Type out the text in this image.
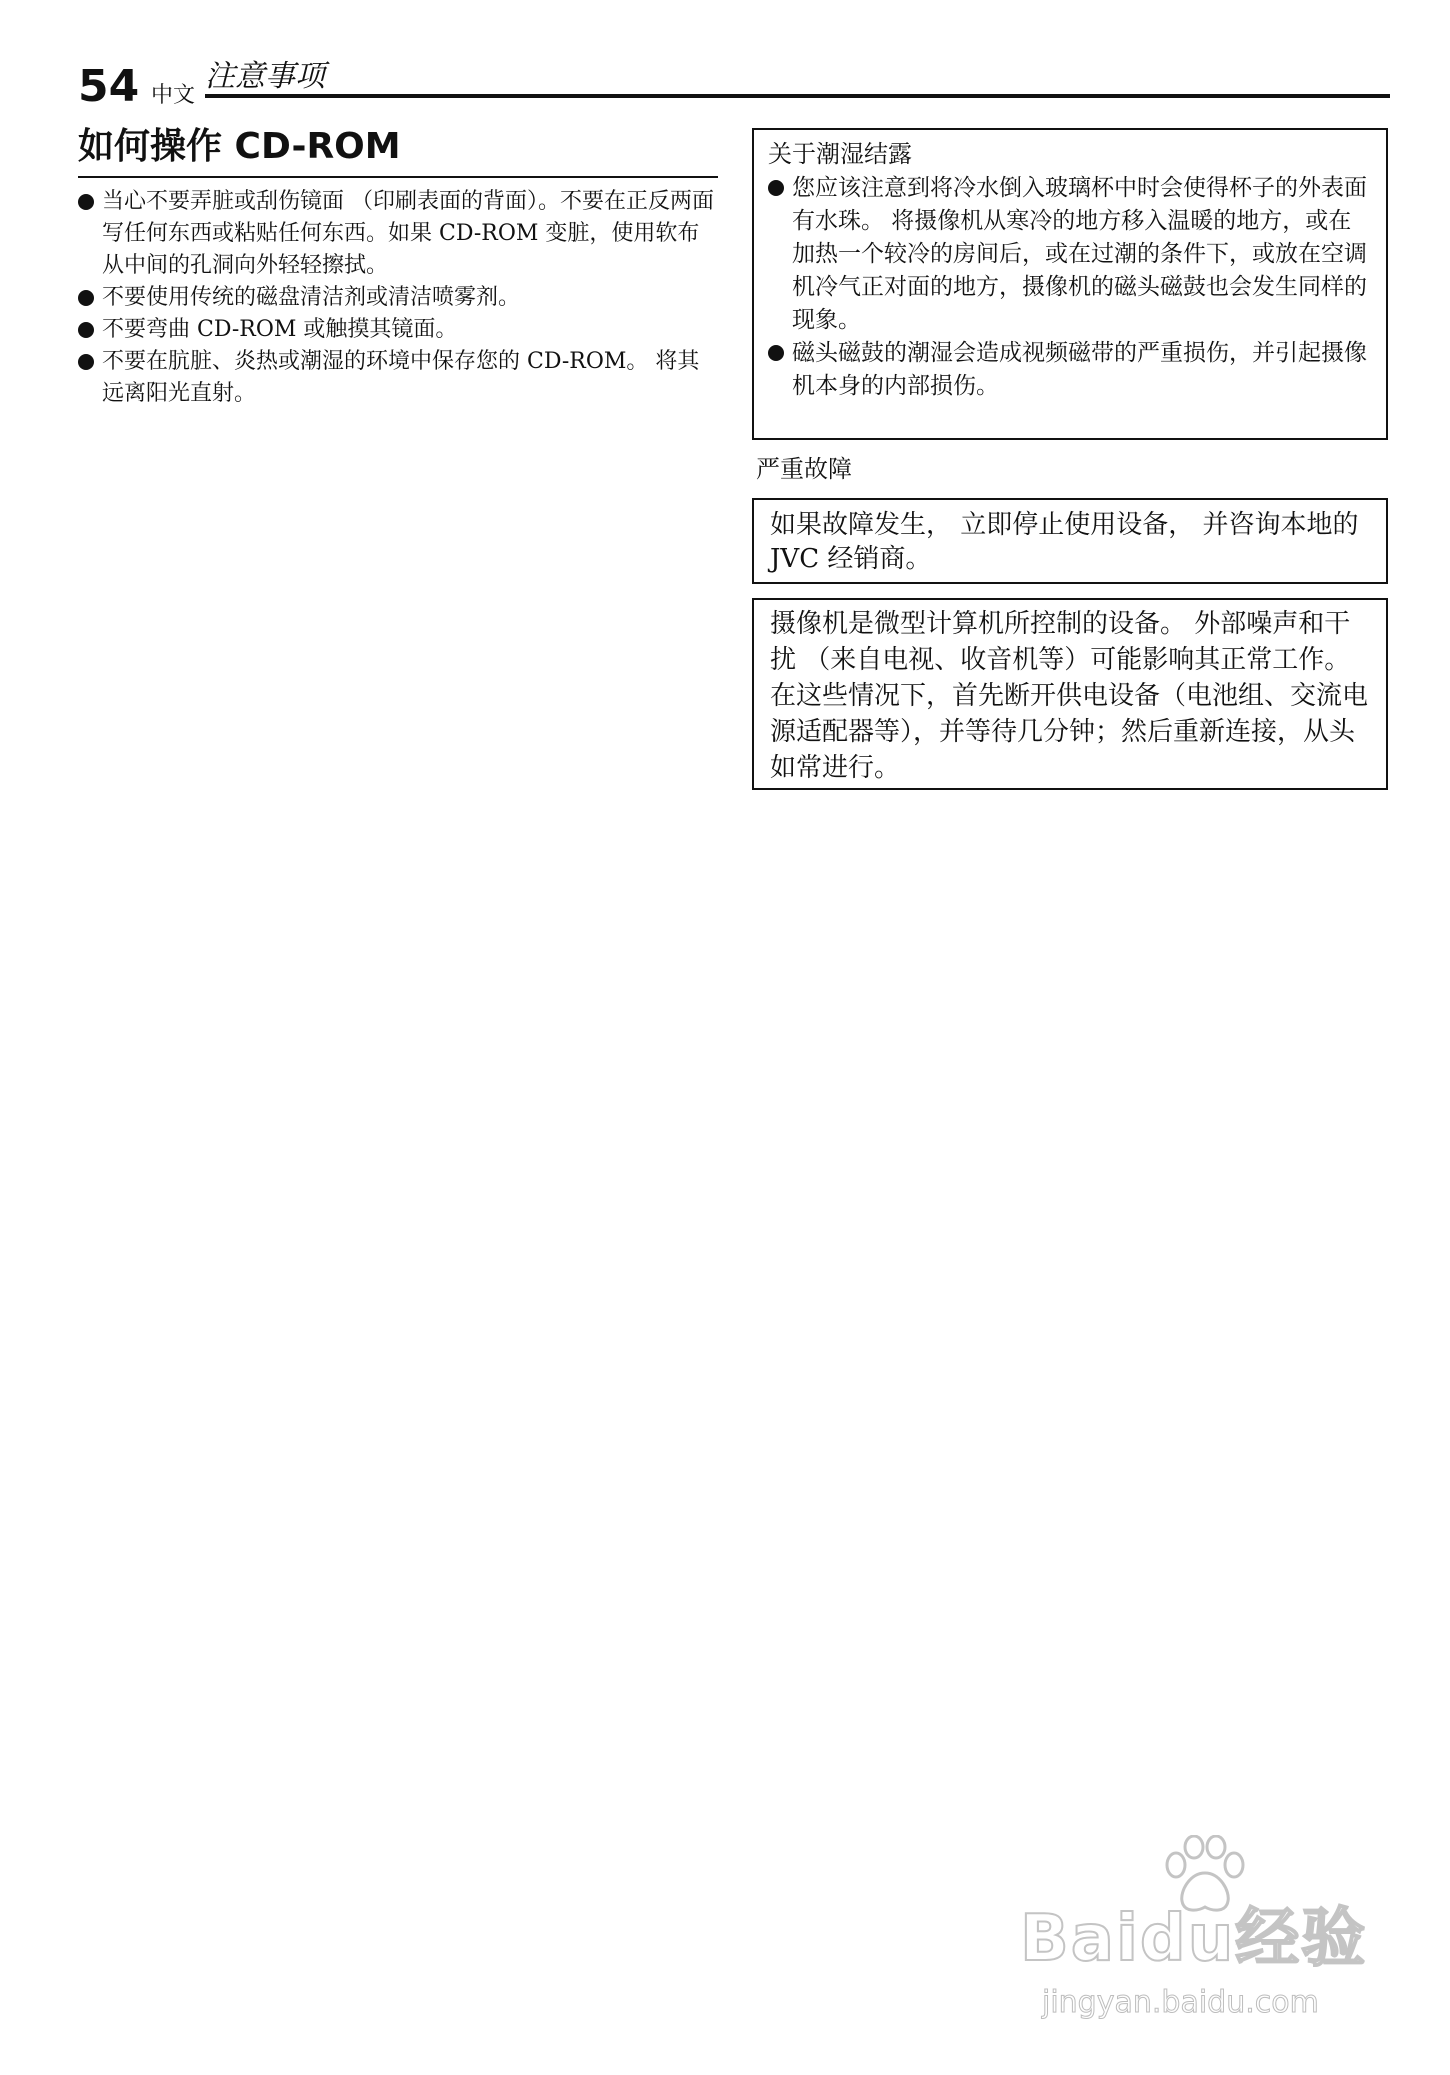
54 中文
注意事项
如何操作 CD-ROM
当心不要弄脏或刮伤镜面 （印刷表面的背面）。不要在正反两面写任何东西或粘贴任何东西。如果 CD-ROM 变脏，使用软布从中间的孔洞向外轻轻擦拭。
不要使用传统的磁盘清洁剂或清洁喷雾剂。
不要弯曲 CD-ROM 或触摸其镜面。
不要在肮脏、炎热或潮湿的环境中保存您的 CD-ROM。 将其远离阳光直射。
关于潮湿结露
您应该注意到将冷水倒入玻璃杯中时会使得杯子的外表面有水珠。 将摄像机从寒冷的地方移入温暖的地方，或在加热一个较冷的房间后，或在过潮的条件下，或放在空调机冷气正对面的地方，摄像机的磁头磁鼓也会发生同样的现象。
磁头磁鼓的潮湿会造成视频磁带的严重损伤，并引起摄像机本身的内部损伤。
严重故障
如果故障发生， 立即停止使用设备， 并咨询本地的 JVC 经销商。
摄像机是微型计算机所控制的设备。 外部噪声和干扰 （来自电视、收音机等）可能影响其正常工作。 在这些情况下，首先断开供电设备（电池组、交流电源适配器等），并等待几分钟；然后重新连接，从头如常进行。
Baidu经验
jingyan.baidu.com
